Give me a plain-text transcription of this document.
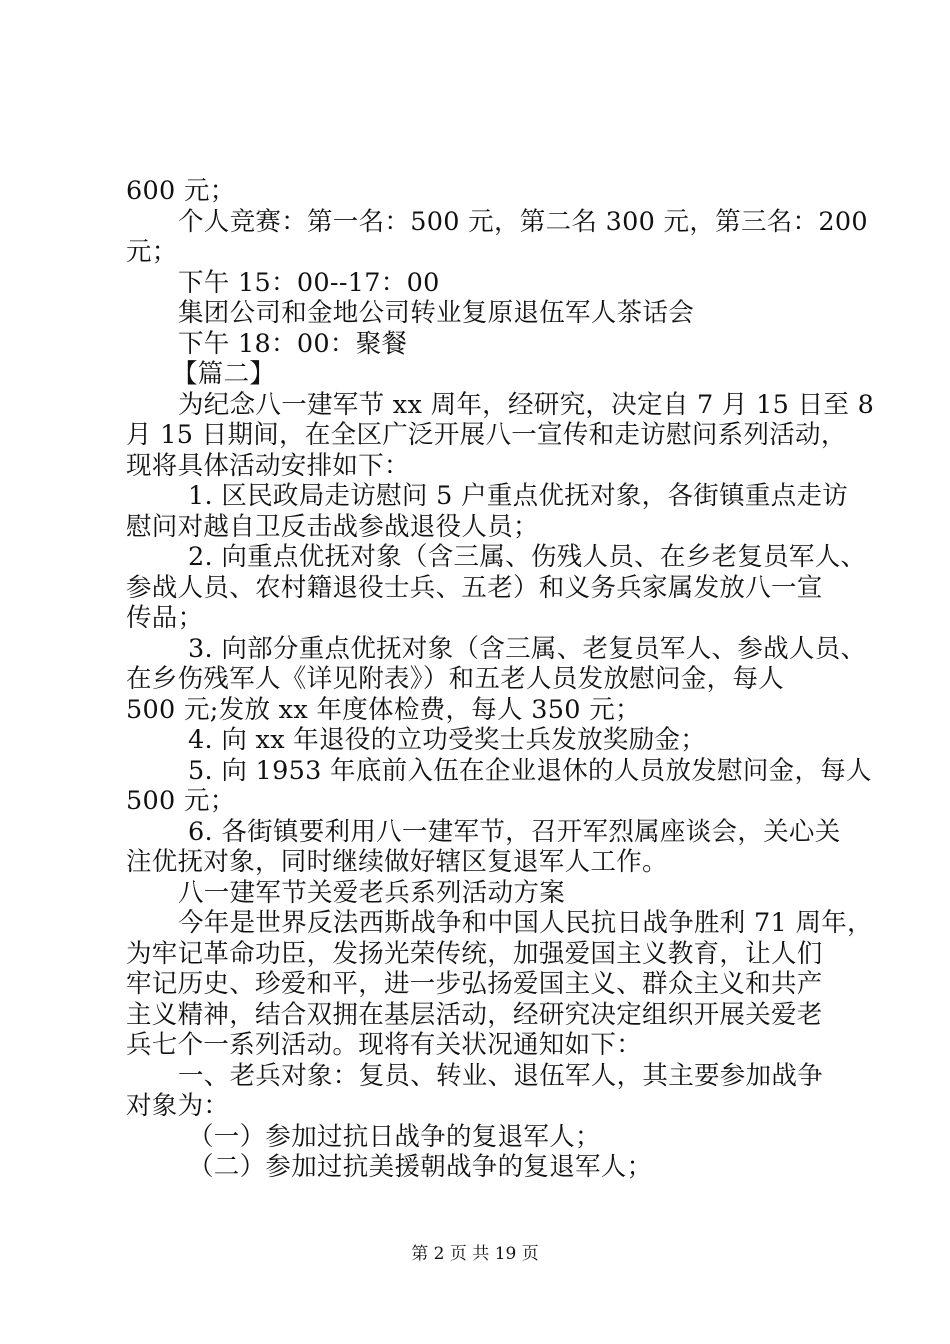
600 元；
个人竞赛：第一名：500 元，第二名 300 元，第三名：200
元；
下午 15：00--17：00
集团公司和金地公司转业复原退伍军人茶话会
下午 18：00：聚餐
【篇二】
为纪念八一建军节 xx 周年，经研究，决定自 7 月 15 日至 8
月 15 日期间，在全区广泛开展八一宣传和走访慰问系列活动，
现将具体活动安排如下：
1. 区民政局走访慰问 5 户重点优抚对象，各街镇重点走访
慰问对越自卫反击战参战退役人员；
2. 向重点优抚对象（含三属、伤残人员、在乡老复员军人、
参战人员、农村籍退役士兵、五老）和义务兵家属发放八一宣
传品；
3. 向部分重点优抚对象（含三属、老复员军人、参战人员、
在乡伤残军人《详见附表》）和五老人员发放慰问金，每人
500 元;发放 xx 年度体检费，每人 350 元；
4. 向 xx 年退役的立功受奖士兵发放奖励金；
5. 向 1953 年底前入伍在企业退休的人员放发慰问金，每人
500 元；
6. 各街镇要利用八一建军节，召开军烈属座谈会，关心关
注优抚对象，同时继续做好辖区复退军人工作。
八一建军节关爱老兵系列活动方案
今年是世界反法西斯战争和中国人民抗日战争胜利 71 周年，
为牢记革命功臣，发扬光荣传统，加强爱国主义教育，让人们
牢记历史、珍爱和平，进一步弘扬爱国主义、群众主义和共产
主义精神，结合双拥在基层活动，经研究决定组织开展关爱老
兵七个一系列活动。现将有关状况通知如下：
一、老兵对象：复员、转业、退伍军人，其主要参加战争
对象为：
（一）参加过抗日战争的复退军人；
（二）参加过抗美援朝战争的复退军人；
第 2 页 共 19 页
